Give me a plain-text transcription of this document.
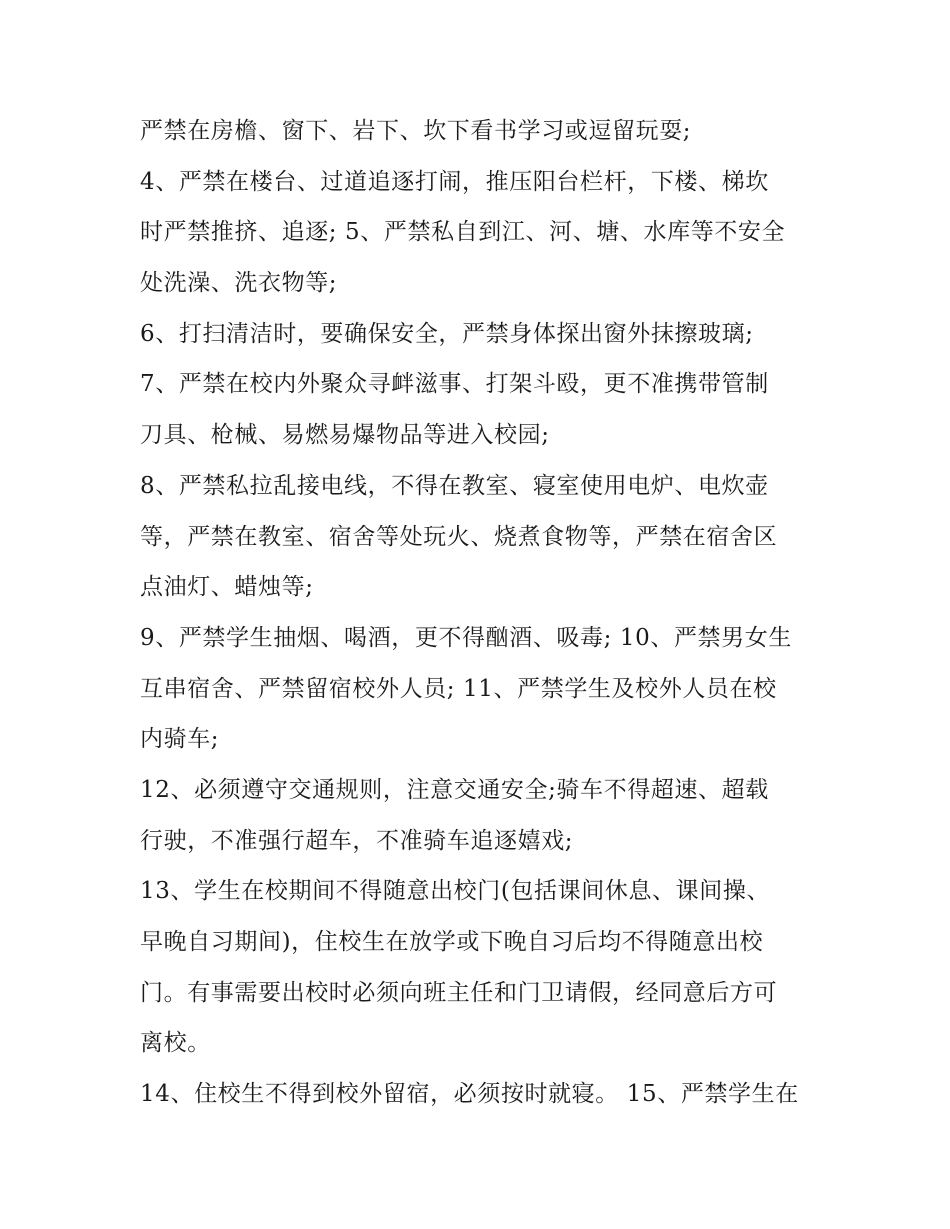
严禁在房檐、窗下、岩下、坎下看书学习或逗留玩耍;
4、严禁在楼台、过道追逐打闹，推压阳台栏杆，下楼、梯坎
时严禁推挤、追逐; 5、严禁私自到江、河、塘、水库等不安全
处洗澡、洗衣物等;
6、打扫清洁时，要确保安全，严禁身体探出窗外抹擦玻璃;
7、严禁在校内外聚众寻衅滋事、打架斗殴，更不准携带管制
刀具、枪械、易燃易爆物品等进入校园;
8、严禁私拉乱接电线，不得在教室、寝室使用电炉、电炊壶
等，严禁在教室、宿舍等处玩火、烧煮食物等，严禁在宿舍区
点油灯、蜡烛等;
9、严禁学生抽烟、喝酒，更不得酗酒、吸毒; 10、严禁男女生
互串宿舍、严禁留宿校外人员; 11、严禁学生及校外人员在校
内骑车;
12、必须遵守交通规则，注意交通安全;骑车不得超速、超载
行驶，不准强行超车，不准骑车追逐嬉戏;
13、学生在校期间不得随意出校门(包括课间休息、课间操、
早晚自习期间)，住校生在放学或下晚自习后均不得随意出校
门。有事需要出校时必须向班主任和门卫请假，经同意后方可
离校。
14、住校生不得到校外留宿，必须按时就寝。 15、严禁学生在
